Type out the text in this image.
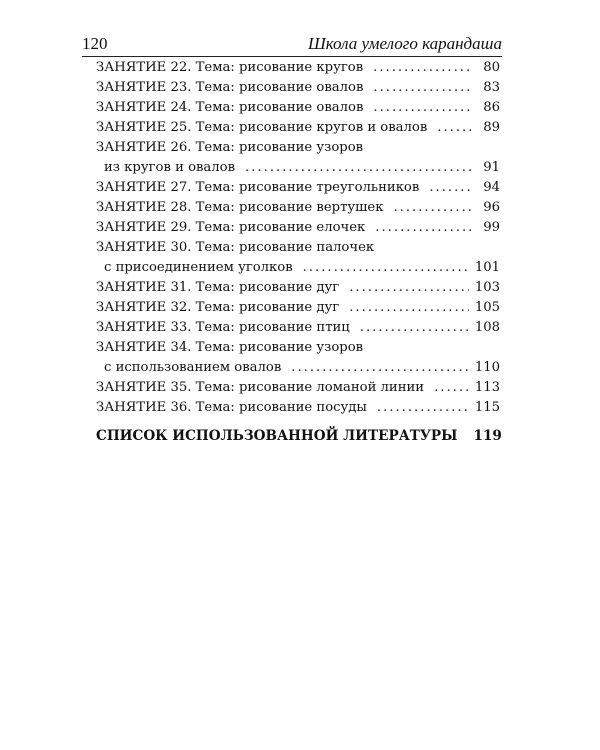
120	Школа умелого карандаша
ЗАНЯТИЕ 22. Тема: рисование кругов .....	80
ЗАНЯТИЕ 23. Тема: рисование овалов .....	83
ЗАНЯТИЕ 24. Тема: рисование овалов .....	86
ЗАНЯТИЕ 25. Тема: рисование кругов и овалов .....	89
ЗАНЯТИЕ 26. Тема: рисование узоров
из кругов и овалов .....	91
ЗАНЯТИЕ 27. Тема: рисование треугольников .....	94
ЗАНЯТИЕ 28. Тема: рисование вертушек .....	96
ЗАНЯТИЕ 29. Тема: рисование елочек .....	99
ЗАНЯТИЕ 30. Тема: рисование палочек
с присоединением уголков .....	101
ЗАНЯТИЕ 31. Тема: рисование дуг .....	103
ЗАНЯТИЕ 32. Тема: рисование дуг .....	105
ЗАНЯТИЕ 33. Тема: рисование птиц .....	108
ЗАНЯТИЕ 34. Тема: рисование узоров
с использованием овалов .....	110
ЗАНЯТИЕ 35. Тема: рисование ломаной линии .....	113
ЗАНЯТИЕ 36. Тема: рисование посуды .....	115
СПИСОК ИСПОЛЬЗОВАННОЙ ЛИТЕРАТУРЫ 119
